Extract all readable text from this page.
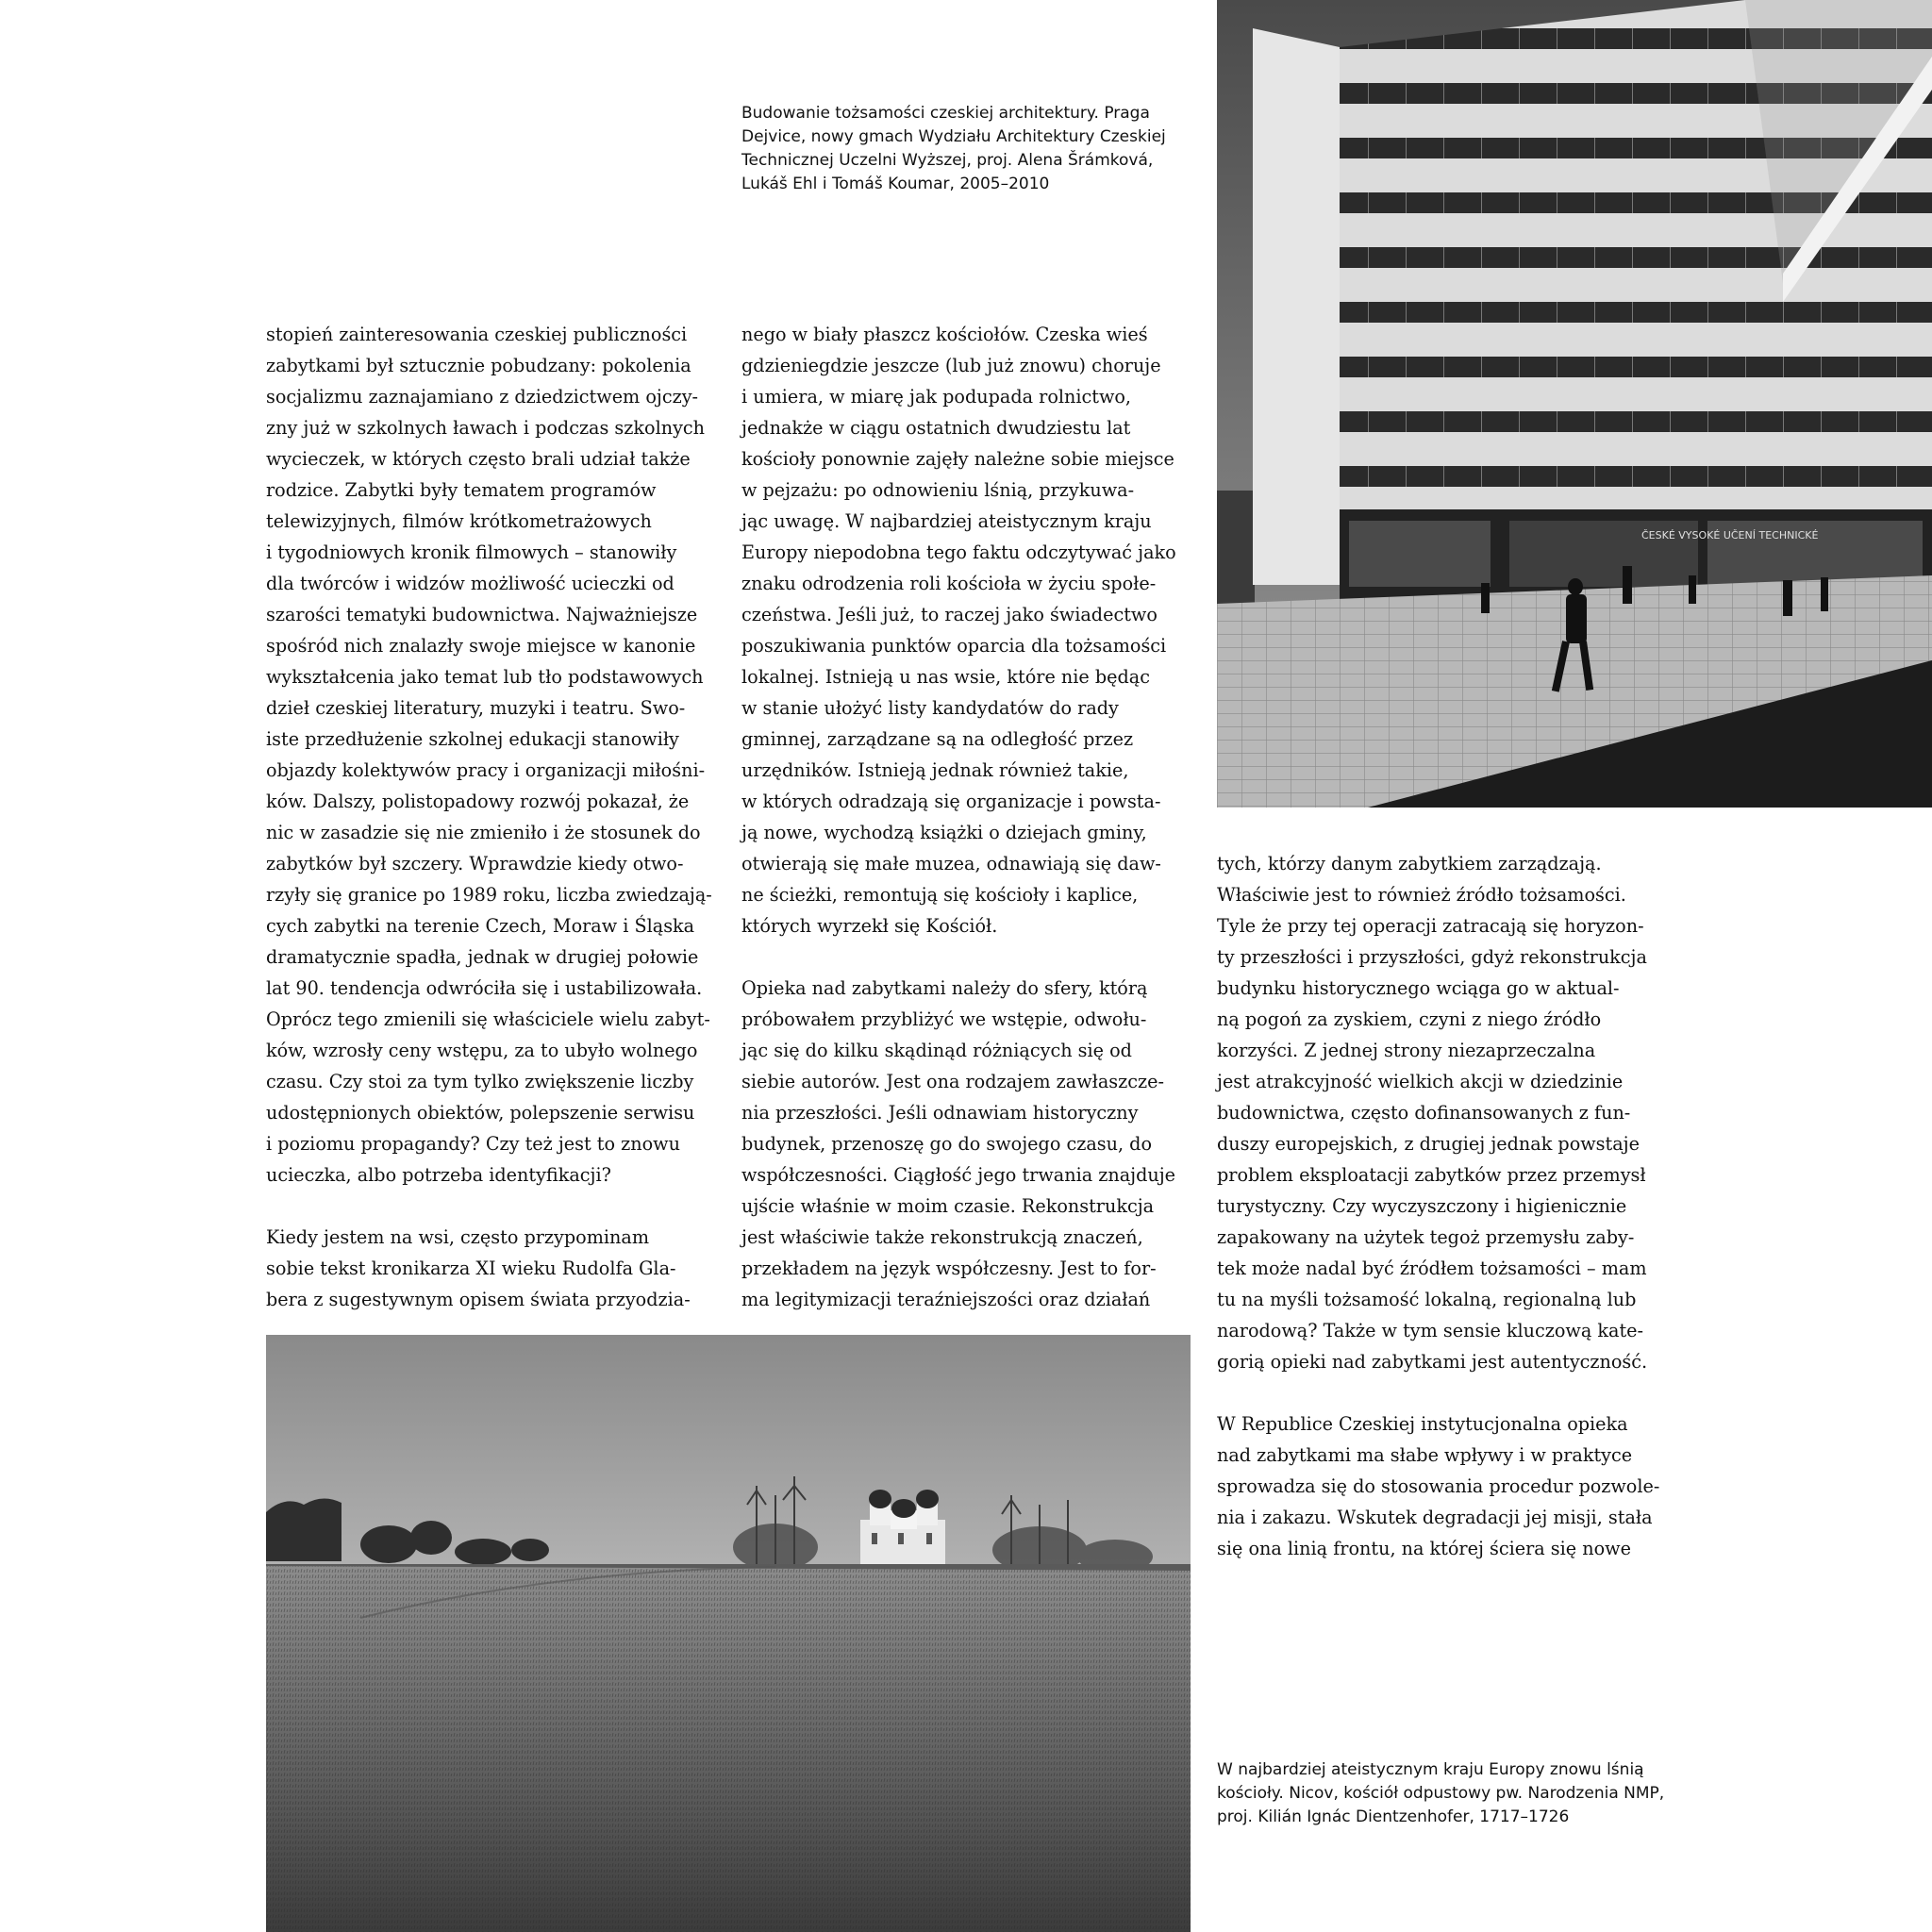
Budowanie tożsamości czeskiej architektury. Praga
Dejvice, nowy gmach Wydziału Architektury Czeskiej
Technicznej Uczelni Wyższej, proj. Alena Šrámková,
Lukáš Ehl i Tomáš Koumar, 2005–2010
ČESKÉ VYSOKÉ UČENÍ TECHNICKÉ

stopień zainteresowania czeskiej publiczności
zabytkami był sztucznie pobudzany: pokolenia
socjalizmu zaznajamiano z dziedzictwem ojczy-
zny już w szkolnych ławach i podczas szkolnych
wycieczek, w których często brali udział także
rodzice. Zabytki były tematem programów
telewizyjnych, filmów krótkometrażowych
i tygodniowych kronik filmowych – stanowiły
dla twórców i widzów możliwość ucieczki od
szarości tematyki budownictwa. Najważniejsze
spośród nich znalazły swoje miejsce w kanonie
wykształcenia jako temat lub tło podstawowych
dzieł czeskiej literatury, muzyki i teatru. Swo-
iste przedłużenie szkolnej edukacji stanowiły
objazdy kolektywów pracy i organizacji miłośni-
ków. Dalszy, polistopadowy rozwój pokazał, że
nic w zasadzie się nie zmieniło i że stosunek do
zabytków był szczery. Wprawdzie kiedy otwo-
rzyły się granice po 1989 roku, liczba zwiedzają-
cych zabytki na terenie Czech, Moraw i Śląska
dramatycznie spadła, jednak w drugiej połowie
lat 90. tendencja odwróciła się i ustabilizowała.
Oprócz tego zmienili się właściciele wielu zabyt-
ków, wzrosły ceny wstępu, za to ubyło wolnego
czasu. Czy stoi za tym tylko zwiększenie liczby
udostępnionych obiektów, polepszenie serwisu
i poziomu propagandy? Czy też jest to znowu
ucieczka, albo potrzeba identyfikacji?

Kiedy jestem na wsi, często przypominam
sobie tekst kronikarza XI wieku Rudolfa Gla-
bera z sugestywnym opisem świata przyodzia-

nego w biały płaszcz kościołów. Czeska wieś
gdzieniegdzie jeszcze (lub już znowu) choruje
i umiera, w miarę jak podupada rolnictwo,
jednakże w ciągu ostatnich dwudziestu lat
kościoły ponownie zajęły należne sobie miejsce
w pejzażu: po odnowieniu lśnią, przykuwa-
jąc uwagę. W najbardziej ateistycznym kraju
Europy niepodobna tego faktu odczytywać jako
znaku odrodzenia roli kościoła w życiu społe-
czeństwa. Jeśli już, to raczej jako świadectwo
poszukiwania punktów oparcia dla tożsamości
lokalnej. Istnieją u nas wsie, które nie będąc
w stanie ułożyć listy kandydatów do rady
gminnej, zarządzane są na odległość przez
urzędników. Istnieją jednak również takie,
w których odradzają się organizacje i powsta-
ją nowe, wychodzą książki o dziejach gminy,
otwierają się małe muzea, odnawiają się daw-
ne ścieżki, remontują się kościoły i kaplice,
których wyrzekł się Kościół.

Opieka nad zabytkami należy do sfery, którą
próbowałem przybliżyć we wstępie, odwołu-
jąc się do kilku skądinąd różniących się od
siebie autorów. Jest ona rodzajem zawłaszcze-
nia przeszłości. Jeśli odnawiam historyczny
budynek, przenoszę go do swojego czasu, do
współczesności. Ciągłość jego trwania znajduje
ujście właśnie w moim czasie. Rekonstrukcja
jest właściwie także rekonstrukcją znaczeń,
przekładem na język współczesny. Jest to for-
ma legitymizacji teraźniejszości oraz działań

tych, którzy danym zabytkiem zarządzają.
Właściwie jest to również źródło tożsamości.
Tyle że przy tej operacji zatracają się horyzon-
ty przeszłości i przyszłości, gdyż rekonstrukcja
budynku historycznego wciąga go w aktual-
ną pogoń za zyskiem, czyni z niego źródło
korzyści. Z jednej strony niezaprzeczalna
jest atrakcyjność wielkich akcji w dziedzinie
budownictwa, często dofinansowanych z fun-
duszy europejskich, z drugiej jednak powstaje
problem eksploatacji zabytków przez przemysł
turystyczny. Czy wyczyszczony i higienicznie
zapakowany na użytek tegoż przemysłu zaby-
tek może nadal być źródłem tożsamości – mam
tu na myśli tożsamość lokalną, regionalną lub
narodową? Także w tym sensie kluczową kate-
gorią opieki nad zabytkami jest autentyczność.

W Republice Czeskiej instytucjonalna opieka
nad zabytkami ma słabe wpływy i w praktyce
sprowadza się do stosowania procedur pozwole-
nia i zakazu. Wskutek degradacji jej misji, stała
się ona linią frontu, na której ściera się nowe

W najbardziej ateistycznym kraju Europy znowu lśnią
kościoły. Nicov, kościół odpustowy pw. Narodzenia NMP,
proj. Kilián Ignác Dientzenhofer, 1717–1726
